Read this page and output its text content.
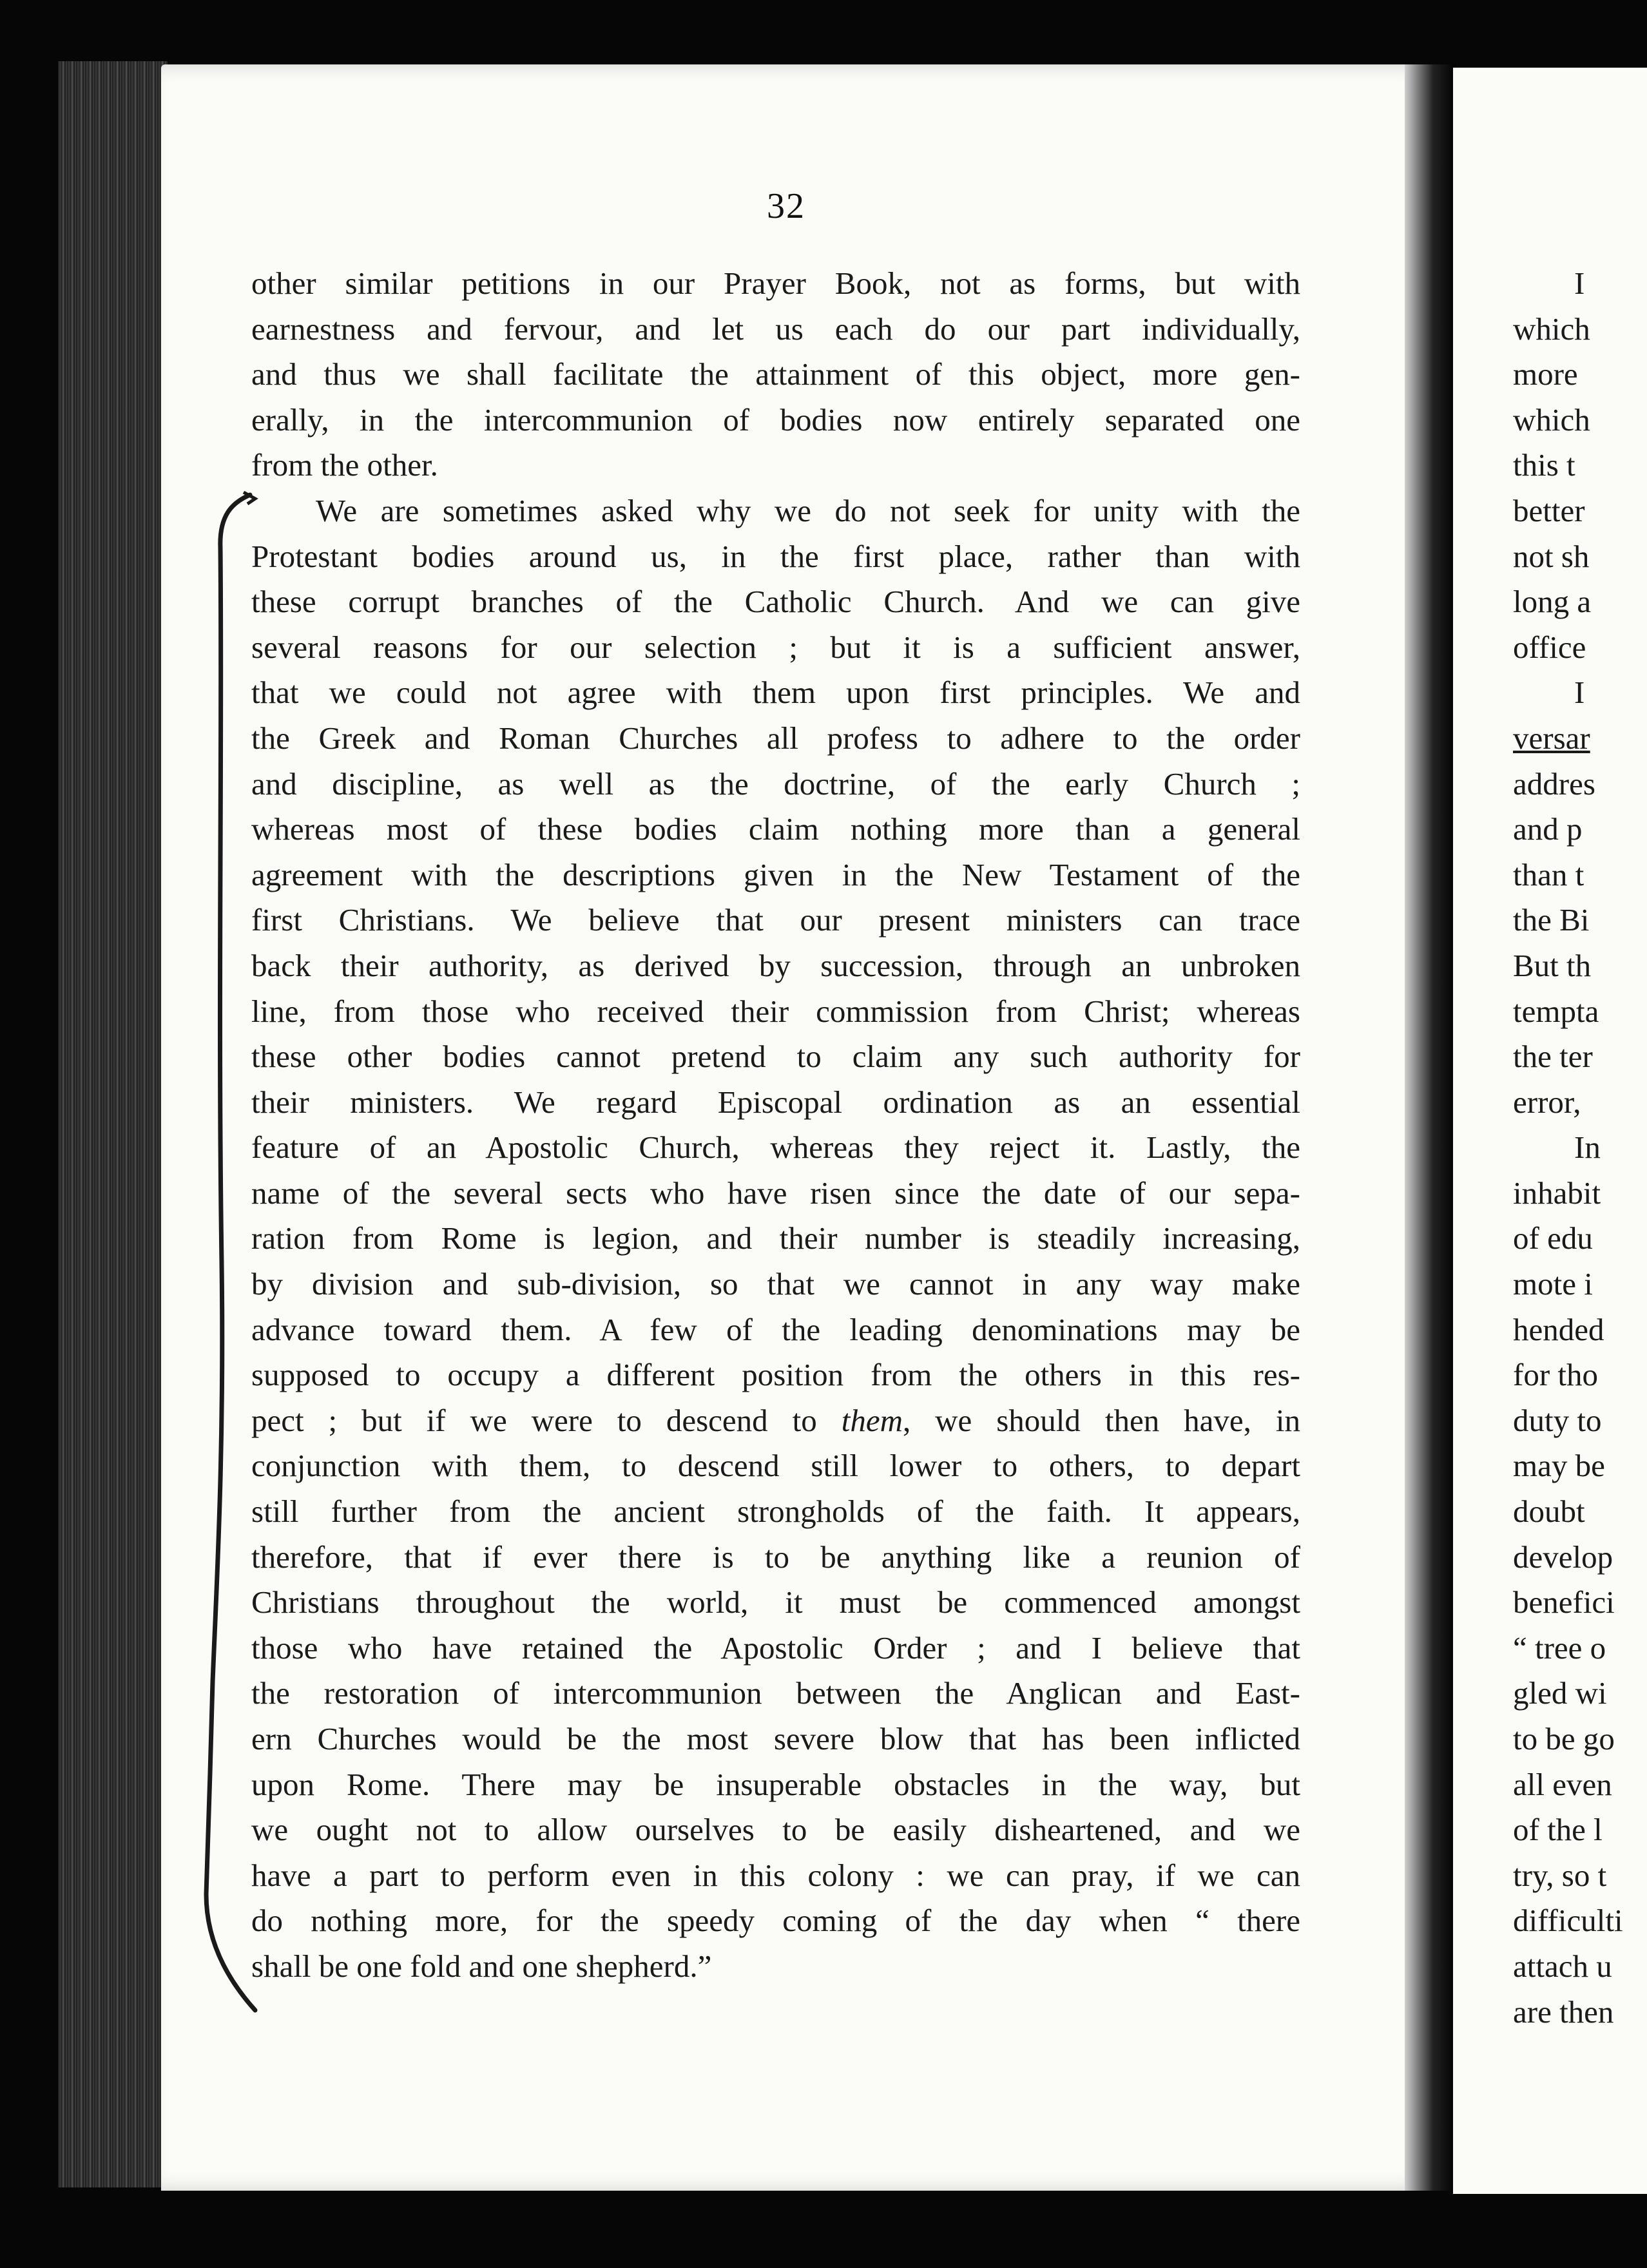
32
other similar petitions in our Prayer Book, not as forms, but with
earnestness and fervour, and let us each do our part individually,
and thus we shall facilitate the attainment of this object, more gen-
erally, in the intercommunion of bodies now entirely separated one
from the other.
We are sometimes asked why we do not seek for unity with the
Protestant bodies around us, in the first place, rather than with
these corrupt branches of the Catholic Church. And we can give
several reasons for our selection ; but it is a sufficient answer,
that we could not agree with them upon first principles. We and
the Greek and Roman Churches all profess to adhere to the order
and discipline, as well as the doctrine, of the early Church ;
whereas most of these bodies claim nothing more than a general
agreement with the descriptions given in the New Testament of the
first Christians. We believe that our present ministers can trace
back their authority, as derived by succession, through an unbroken
line, from those who received their commission from Christ; whereas
these other bodies cannot pretend to claim any such authority for
their ministers. We regard Episcopal ordination as an essential
feature of an Apostolic Church, whereas they reject it. Lastly, the
name of the several sects who have risen since the date of our sepa-
ration from Rome is legion, and their number is steadily increasing,
by division and sub-division, so that we cannot in any way make
advance toward them. A few of the leading denominations may be
supposed to occupy a different position from the others in this res-
pect ; but if we were to descend to them, we should then have, in
conjunction with them, to descend still lower to others, to depart
still further from the ancient strongholds of the faith. It appears,
therefore, that if ever there is to be anything like a reunion of
Christians throughout the world, it must be commenced amongst
those who have retained the Apostolic Order ; and I believe that
the restoration of intercommunion between the Anglican and East-
ern Churches would be the most severe blow that has been inflicted
upon Rome. There may be insuperable obstacles in the way, but
we ought not to allow ourselves to be easily disheartened, and we
have a part to perform even in this colony : we can pray, if we can
do nothing more, for the speedy coming of the day when “ there
shall be one fold and one shepherd.”
I
which
more
which
this t
better
not sh
long a
office
I
versar
addres
and p
than t
the Bi
But th
tempta
the ter
error,
In
inhabit
of edu
mote i
hended
for tho
duty to
may be
doubt
develop
benefici
“ tree o
gled wi
to be go
all even
of the l
try, so t
difficulti
attach u
are then
